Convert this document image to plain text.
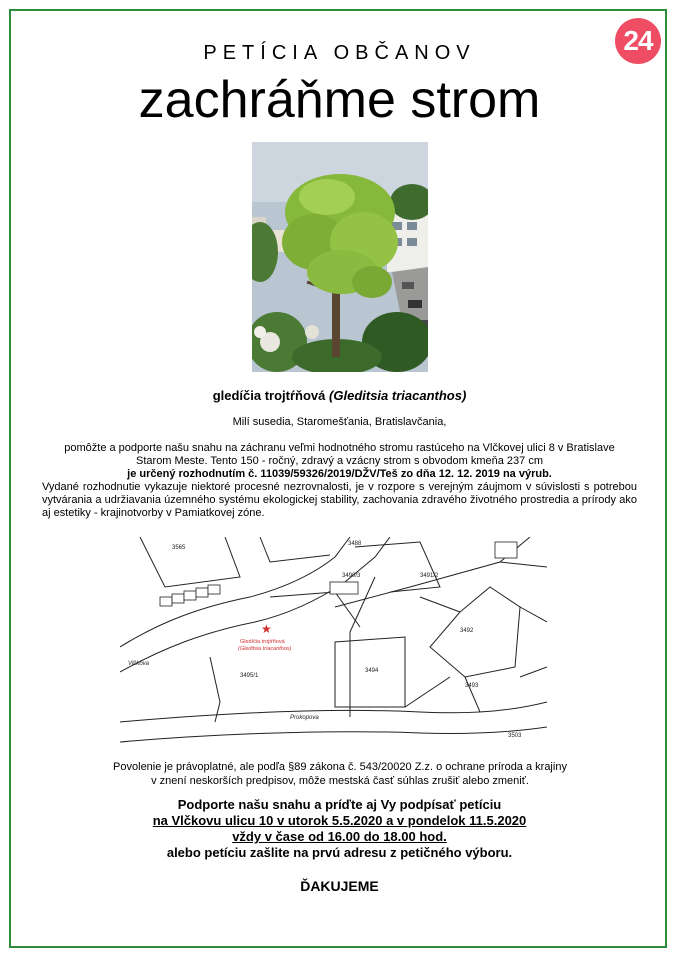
24
PETÍCIA OBČANOV
zachráňme strom
gledíčia trojtŕňová (Gleditsia triacanthos)
Milí susedia, Staromešťania, Bratislavčania,
pomôžte a podporte našu snahu na záchranu veľmi hodnotného stromu rastúceho na Vlčkovej ulici 8 v Bratislave
Starom Meste. Tento 150 - ročný, zdravý a vzácny strom s obvodom kmeňa 237 cm
je určený rozhodnutím č. 11039/59326/2019/DŽV/Teš zo dňa 12. 12. 2019 na výrub.
Vydané rozhodnutie vykazuje niektoré procesné nezrovnalosti, je v rozpore s verejným záujmom v súvislosti s potrebou vytvárania a udržiavania územného systému ekologickej stability, zachovania zdravého životného prostredia a prírody ako aj estetiky - krajinotvorby v Pamiatkovej zóne.
3565
3488
3490/3	3491/2
3492
3494
3495/1
3493
3503
Vlčkova
Prokopova
★
Gledíčia trojtŕňová
(Gleditsia triacanthos)
Povolenie je právoplatné, ale podľa §89 zákona č. 543/20020 Z.z. o ochrane príroda a krajiny
v znení neskorších predpisov, môže mestská časť súhlas zrušiť alebo zmeniť.
Podporte našu snahu a príďte aj Vy podpísať petíciu
na Vlčkovu ulicu 10 v utorok 5.5.2020 a v pondelok 11.5.2020
vždy v čase od 16.00 do 18.00 hod.
alebo petíciu zašlite na prvú adresu z petičného výboru.
ĎAKUJEME
